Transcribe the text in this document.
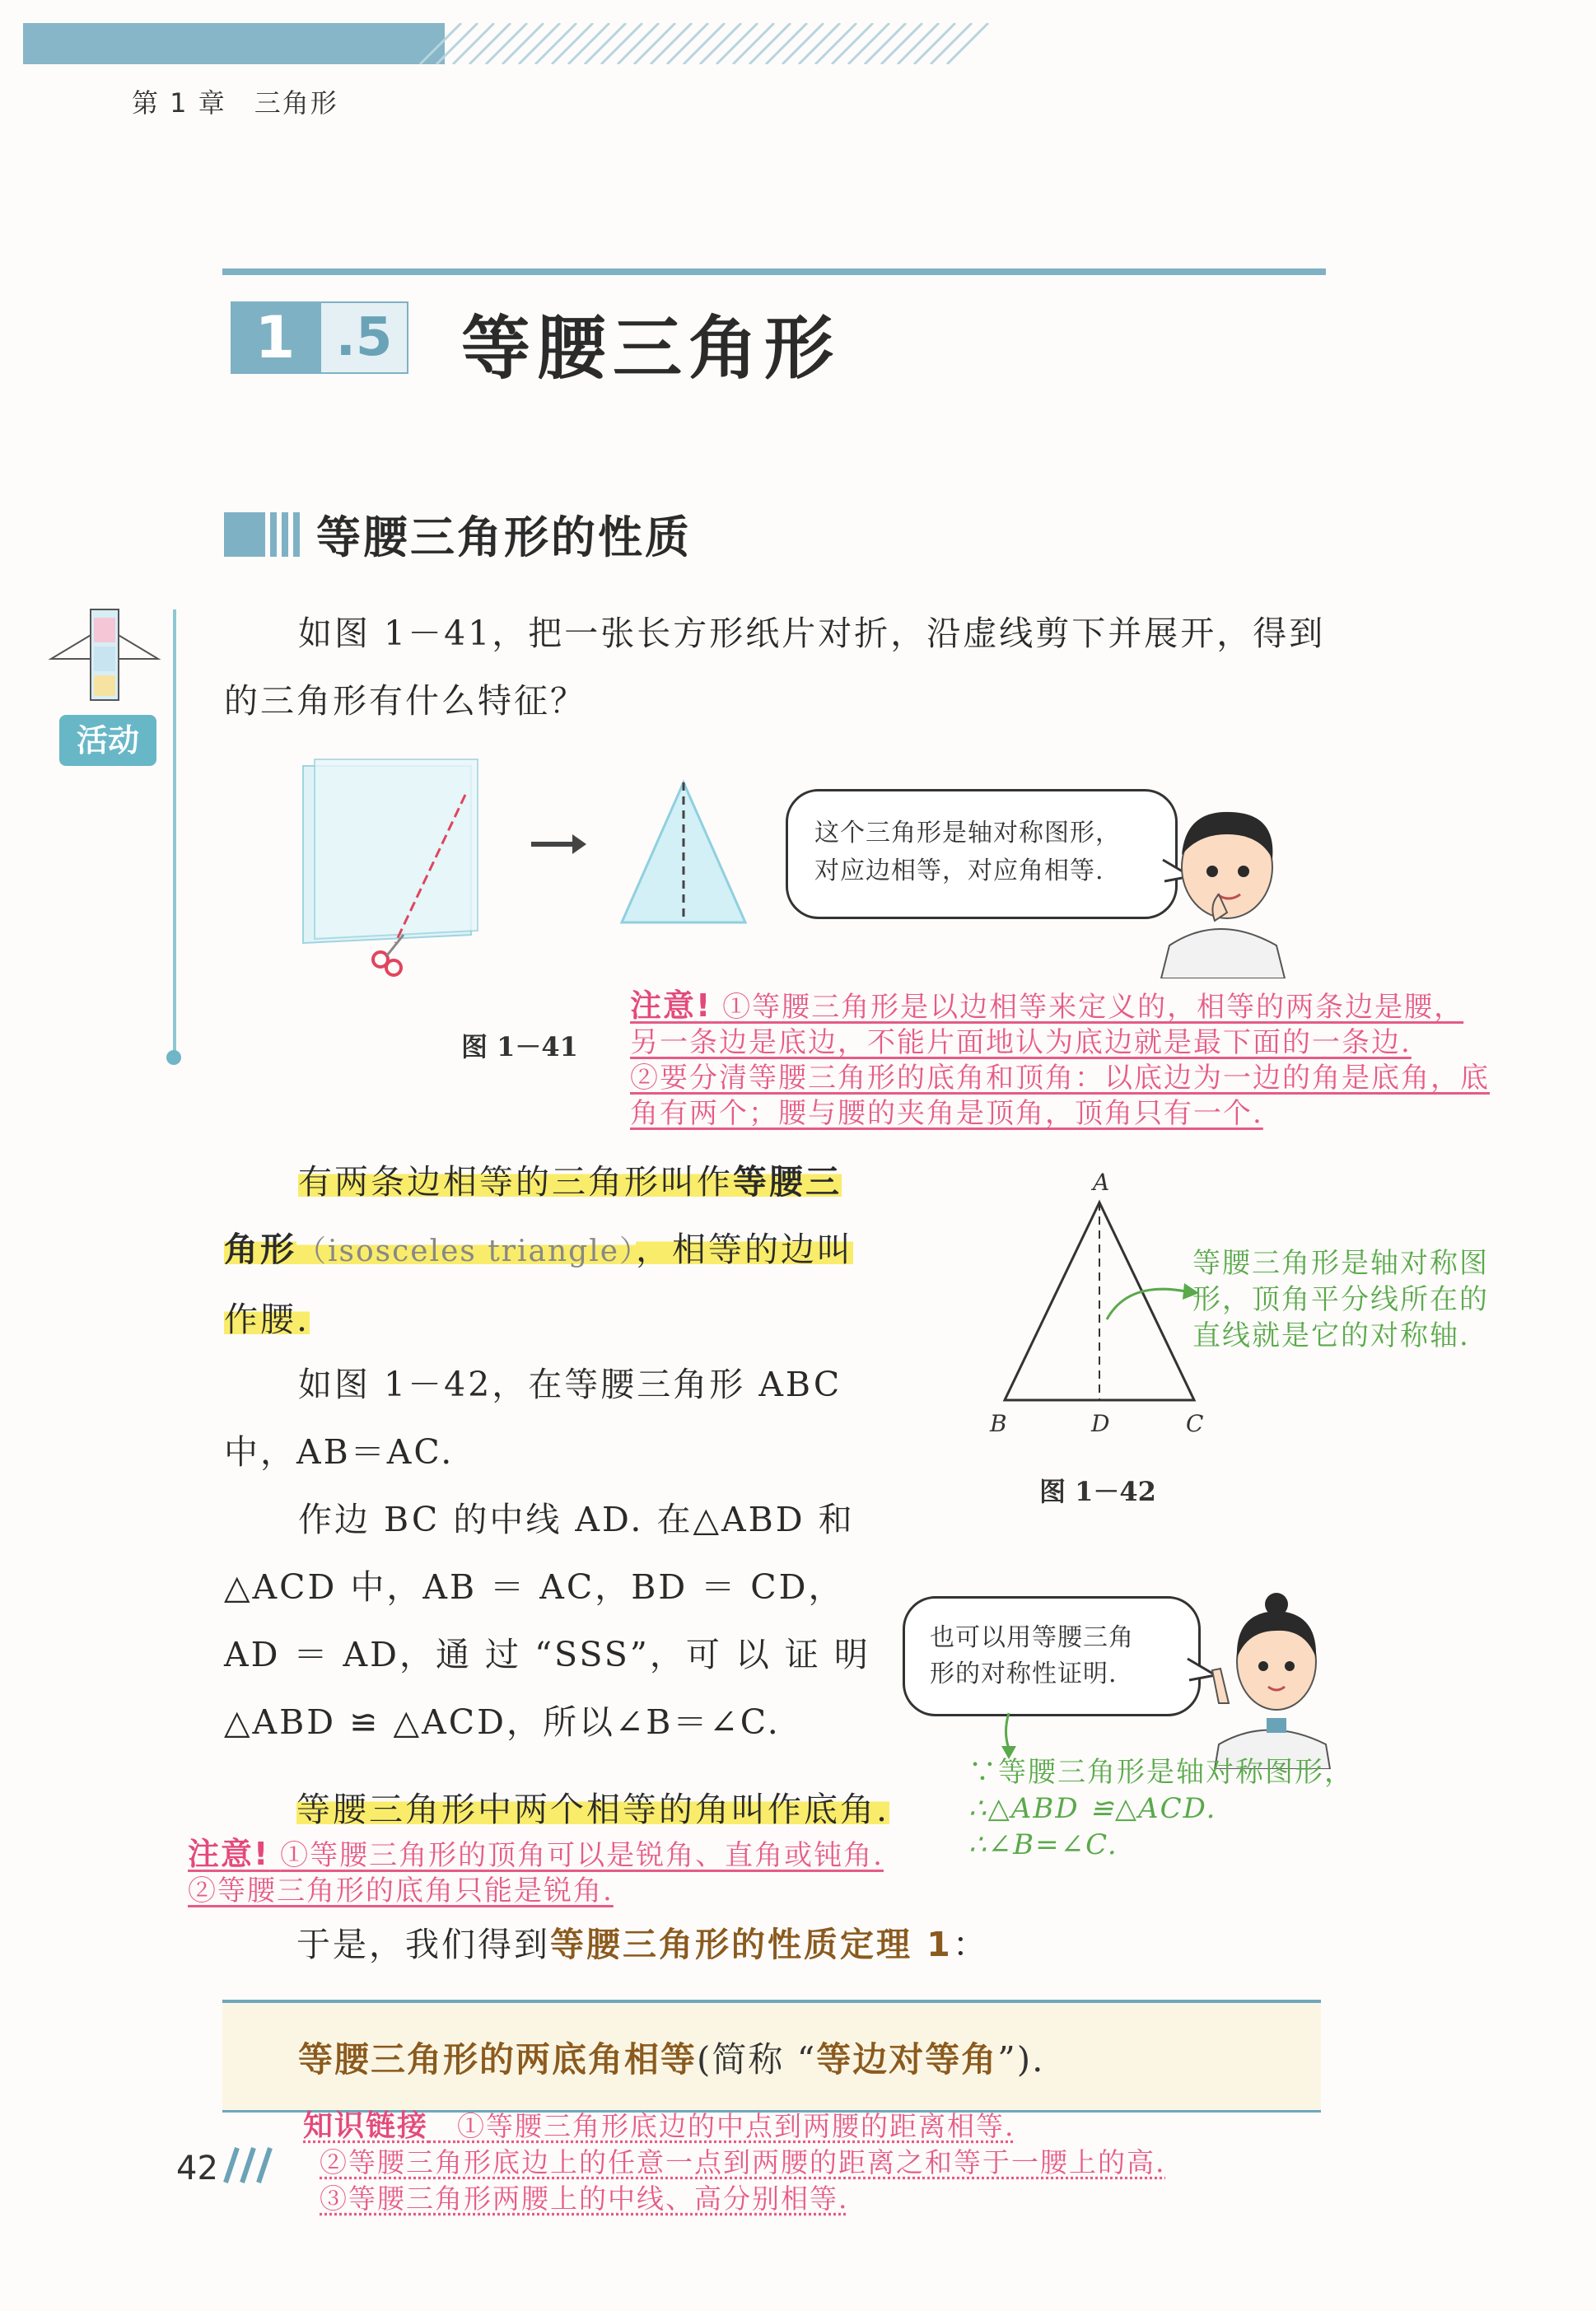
第 1 章　三角形
1 .5 等腰三角形
等腰三角形的性质
活动
如图 1－41，把一张长方形纸片对折，沿虚线剪下并展开，得到
的三角形有什么特征？
这个三角形是轴对称图形，
对应边相等，对应角相等.
图 1－41
注意! ①等腰三角形是以边相等来定义的，相等的两条边是腰，
另一条边是底边，不能片面地认为底边就是最下面的一条边.
②要分清等腰三角形的底角和顶角：以底边为一边的角是底角，底
角有两个；腰与腰的夹角是顶角，顶角只有一个.
有两条边相等的三角形叫作等腰三
角形（isosceles triangle），相等的边叫
作腰.
A
B	D	C
等腰三角形是轴对称图
形，顶角平分线所在的
直线就是它的对称轴.
图 1－42
如图 1－42，在等腰三角形 ABC
中，AB＝AC.
作边 BC 的中线 AD. 在△ABD 和
△ACD 中，AB ＝ AC，BD ＝ CD，
AD ＝ AD，通 过 “SSS”，可 以 证 明
△ABD ≌ △ACD，所以∠B＝∠C.
也可以用等腰三角
形的对称性证明.
∵等腰三角形是轴对称图形，
∴△ABD ≌△ACD.
∴∠B=∠C.
等腰三角形中两个相等的角叫作底角.
注意! ①等腰三角形的顶角可以是锐角、直角或钝角.
②等腰三角形的底角只能是锐角.
于是，我们得到等腰三角形的性质定理 1：
等腰三角形的两底角相等(简称 “等边对等角”).
知识链接　 ①等腰三角形底边的中点到两腰的距离相等.
②等腰三角形底边上的任意一点到两腰的距离之和等于一腰上的高.
③等腰三角形两腰上的中线、高分别相等.
42
